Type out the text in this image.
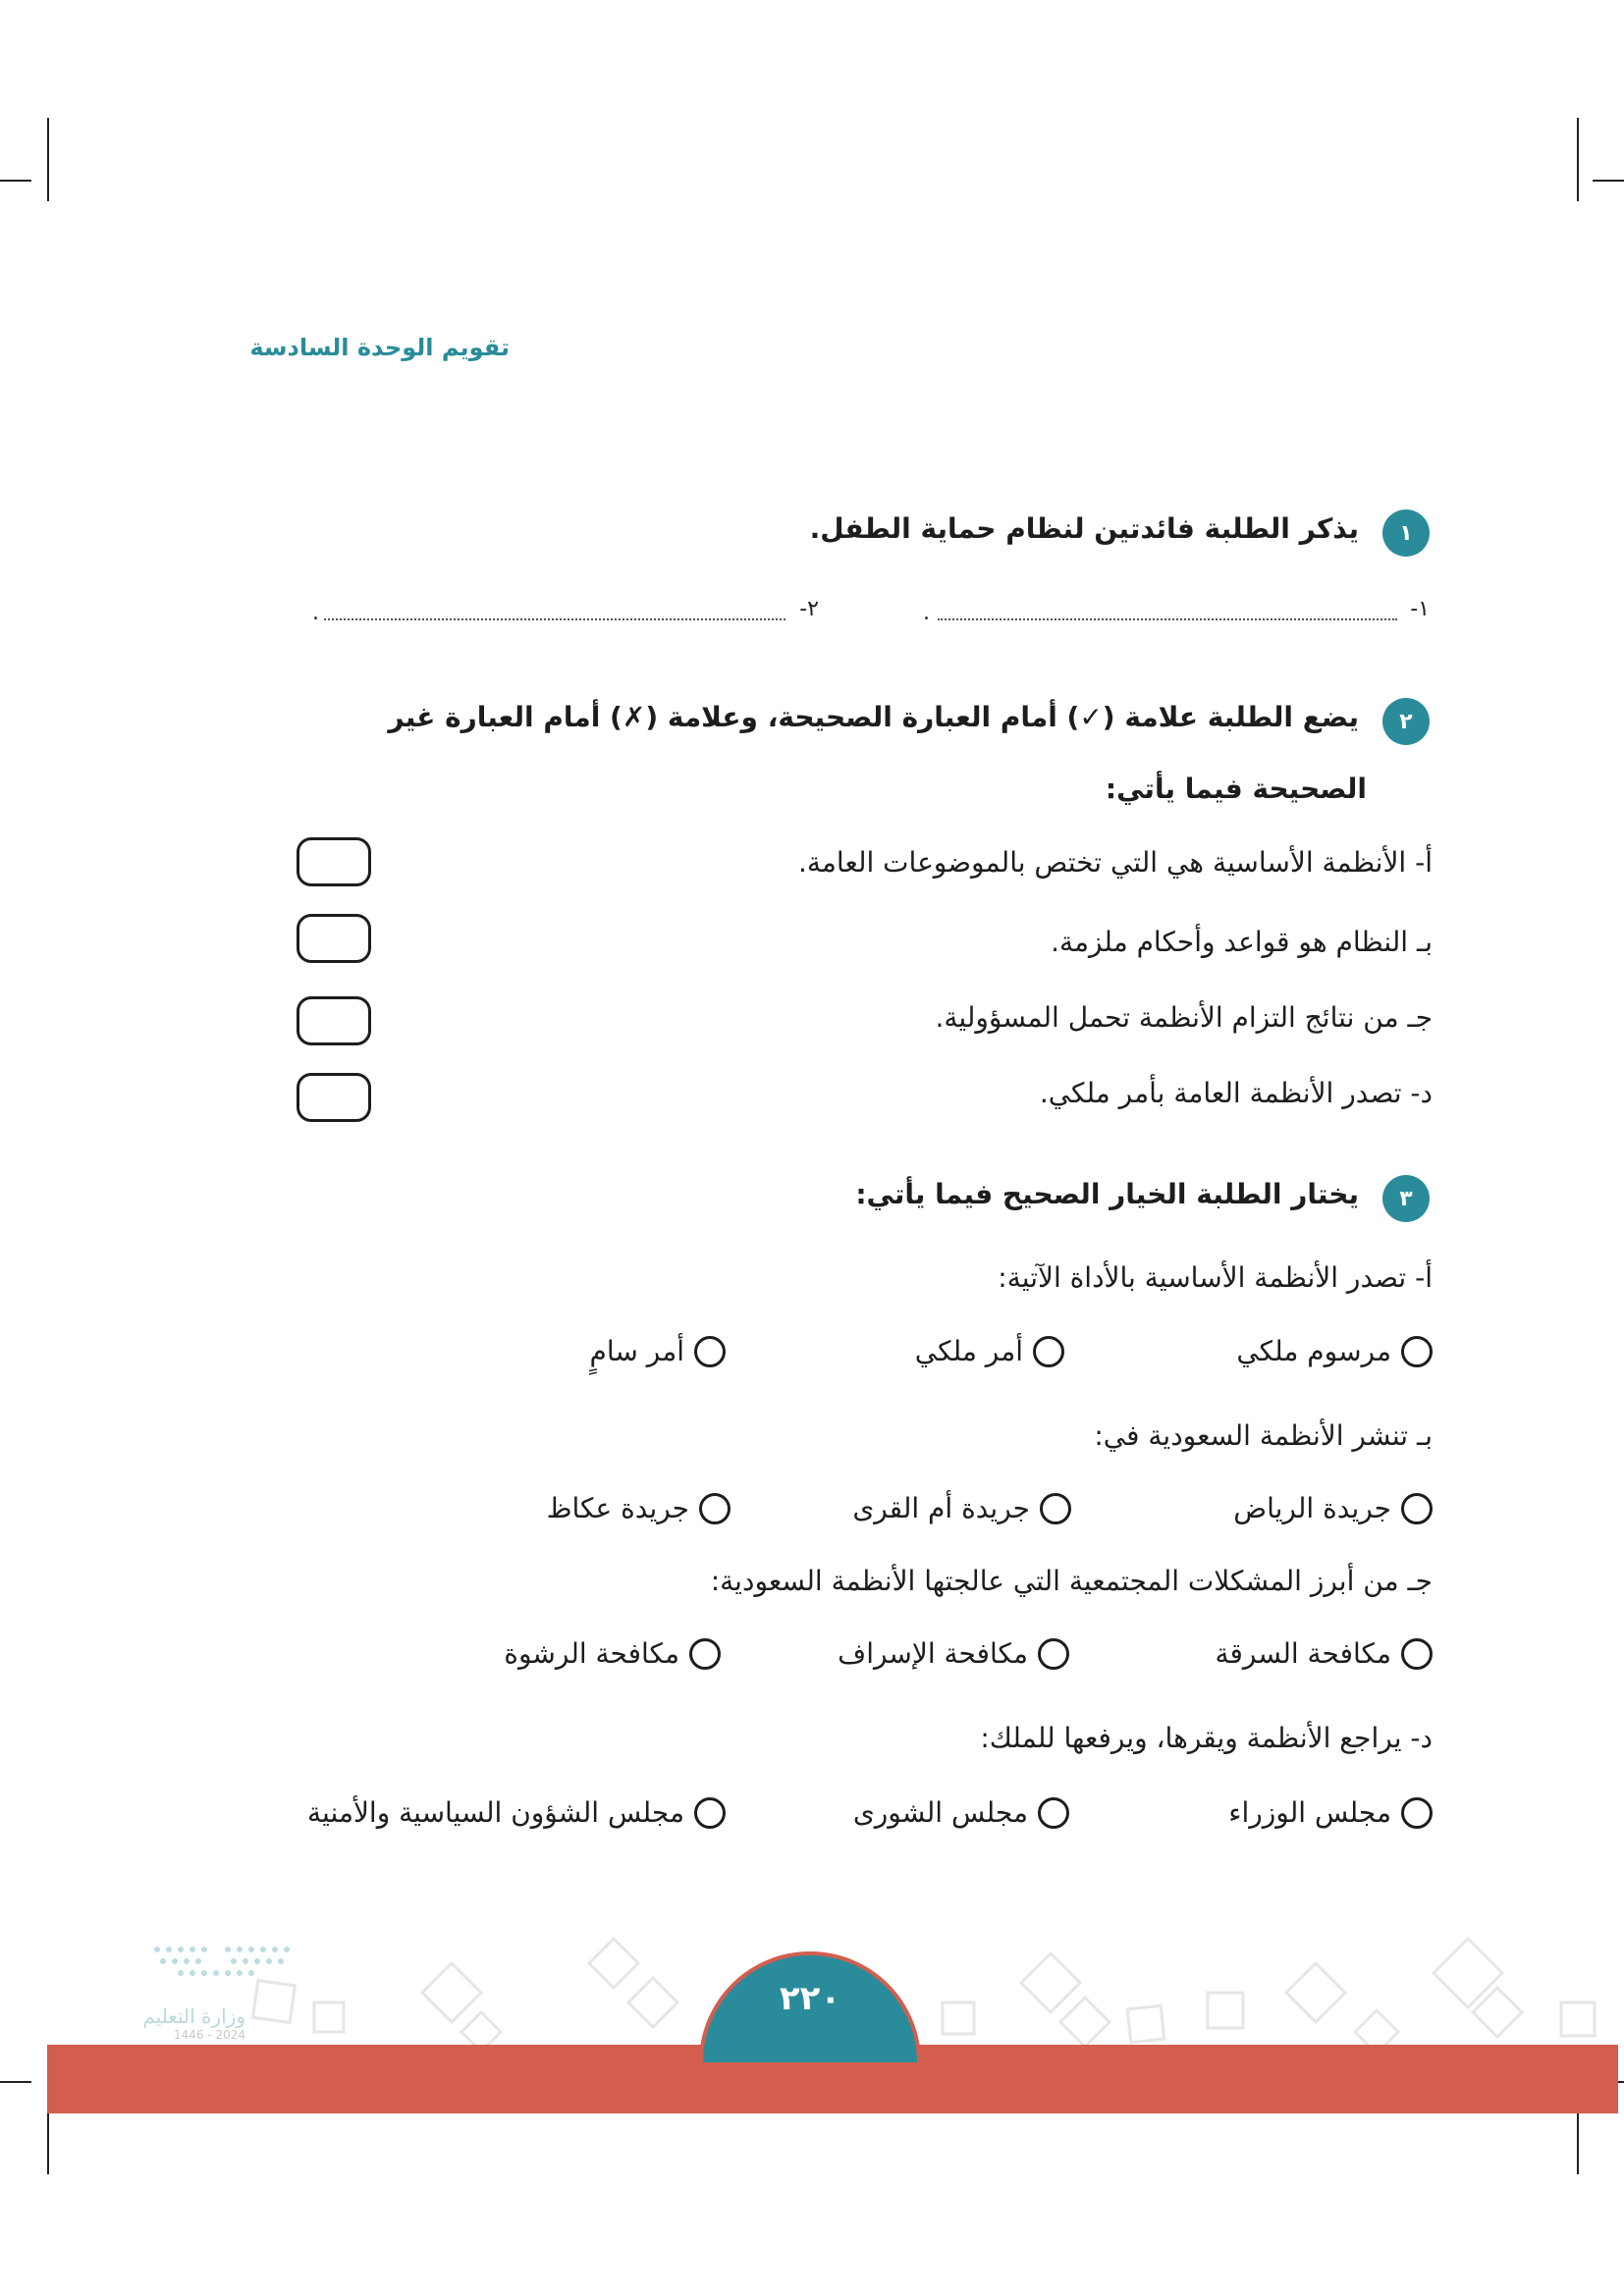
تقويم الوحدة السادسة
١
يذكر الطلبة فائدتين لنظام حماية الطفل.
١-
.
٢-
.
٢
يضع الطلبة علامة (✓) أمام العبارة الصحيحة، وعلامة (✗) أمام العبارة غير
الصحيحة فيما يأتي:
أ- الأنظمة الأساسية هي التي تختص بالموضوعات العامة.
بـ النظام هو قواعد وأحكام ملزمة.
جـ من نتائج التزام الأنظمة تحمل المسؤولية.
د- تصدر الأنظمة العامة بأمر ملكي.
٣
يختار الطلبة الخيار الصحيح فيما يأتي:
أ- تصدر الأنظمة الأساسية بالأداة الآتية:
مرسوم ملكي
أمر ملكي
أمر سامٍ
بـ تنشر الأنظمة السعودية في:
جريدة الرياض
جريدة أم القرى
جريدة عكاظ
جـ من أبرز المشكلات المجتمعية التي عالجتها الأنظمة السعودية:
مكافحة السرقة
مكافحة الإسراف
مكافحة الرشوة
د- يراجع الأنظمة ويقرها، ويرفعها للملك:
مجلس الوزراء
مجلس الشورى
مجلس الشؤون السياسية والأمنية
وزارة التعليم
2024 - 1446
٢٢٠
